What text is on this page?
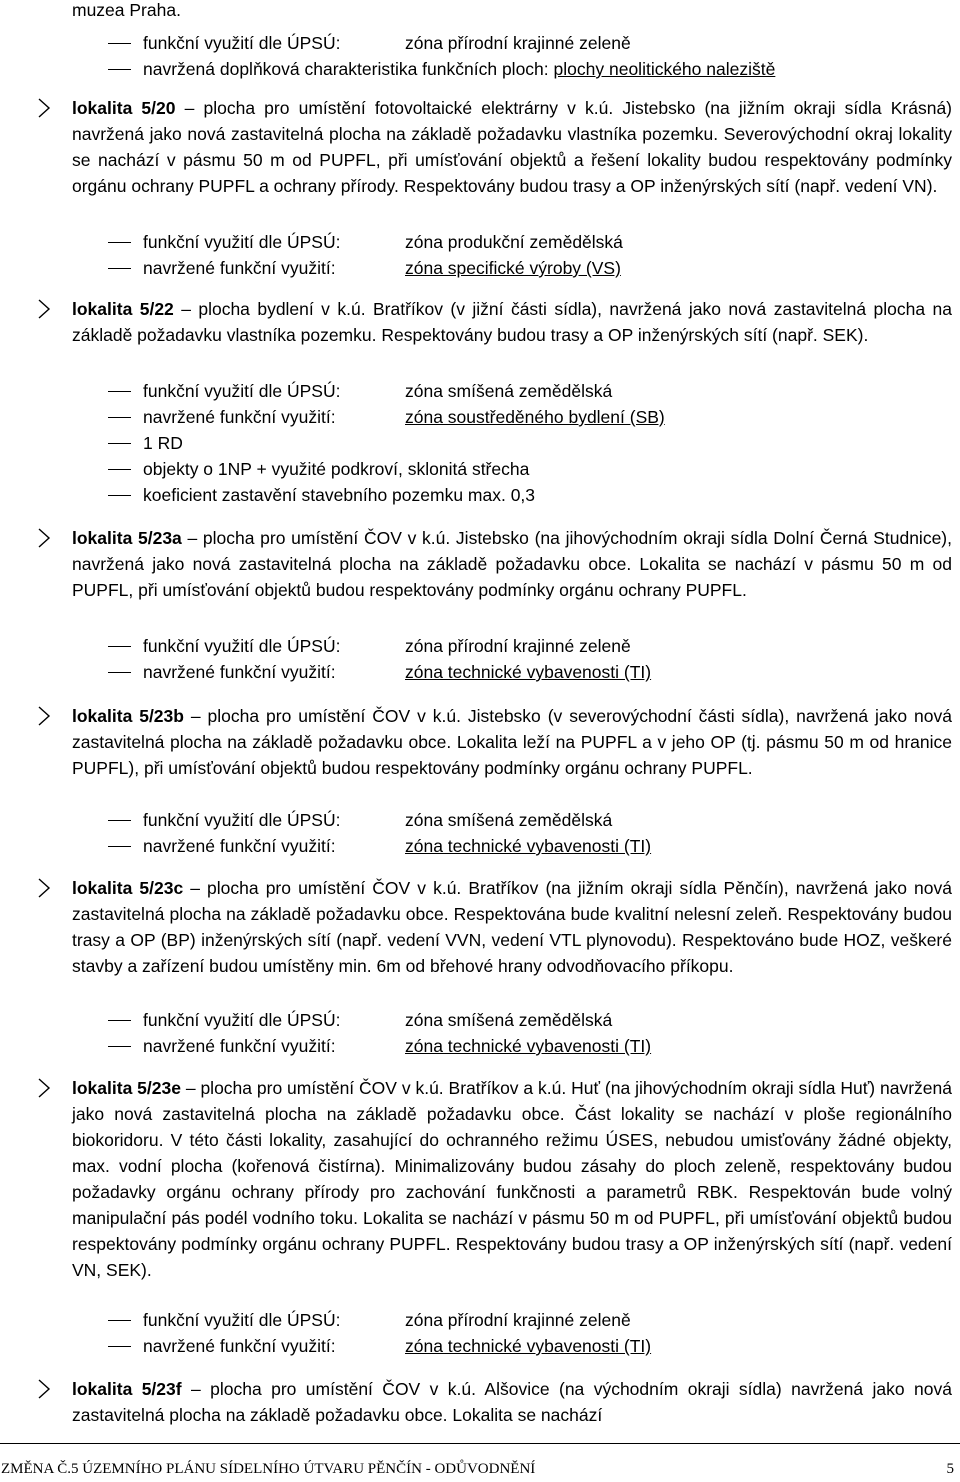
muzea Praha.

funkční využití dle ÚPSÚ:	zóna přírodní krajinné zeleně
navržená doplňková charakteristika funkčních ploch: plochy neolitického naleziště

lokalita 5/20 – plocha pro umístění fotovoltaické elektrárny v k.ú. Jistebsko (na jižním okraji sídla Krásná) navržená jako nová zastavitelná plocha na základě požadavku vlastníka pozemku. Severovýchodní okraj lokality se nachází v pásmu 50 m od PUPFL, při umísťování objektů a řešení lokality budou respektovány podmínky orgánu ochrany PUPFL a ochrany přírody. Respektovány budou trasy a OP inženýrských sítí (např. vedení VN).

funkční využití dle ÚPSÚ:	zóna produkční zemědělská
navržené funkční využití:	zóna specifické výroby (VS)

lokalita 5/22 – plocha bydlení v k.ú. Bratříkov (v jižní části sídla), navržená jako nová zastavitelná plocha na základě požadavku vlastníka pozemku. Respektovány budou trasy a OP inženýrských sítí (např. SEK).

funkční využití dle ÚPSÚ:	zóna smíšená zemědělská
navržené funkční využití:	zóna soustředěného bydlení (SB)
1 RD
objekty o 1NP + využité podkroví, sklonitá střecha
koeficient zastavění stavebního pozemku max. 0,3

lokalita 5/23a – plocha pro umístění ČOV v k.ú. Jistebsko (na jihovýchodním okraji sídla Dolní Černá Studnice), navržená jako nová zastavitelná plocha na základě požadavku obce. Lokalita se nachází v pásmu 50 m od PUPFL, při umísťování objektů budou respektovány podmínky orgánu ochrany PUPFL.

funkční využití dle ÚPSÚ:	zóna přírodní krajinné zeleně
navržené funkční využití:	zóna technické vybavenosti (TI)

lokalita 5/23b – plocha pro umístění ČOV v k.ú. Jistebsko (v severovýchodní části sídla), navržená jako nová zastavitelná plocha na základě požadavku obce. Lokalita leží na PUPFL a v jeho OP (tj. pásmu 50 m od hranice PUPFL), při umísťování objektů budou respektovány podmínky orgánu ochrany PUPFL.

funkční využití dle ÚPSÚ:	zóna smíšená zemědělská
navržené funkční využití:	zóna technické vybavenosti (TI)

lokalita 5/23c – plocha pro umístění ČOV v k.ú. Bratříkov (na jižním okraji sídla Pěnčín), navržená jako nová zastavitelná plocha na základě požadavku obce. Respektována bude kvalitní nelesní zeleň. Respektovány budou trasy a OP (BP) inženýrských sítí (např. vedení VVN, vedení VTL plynovodu). Respektováno bude HOZ, veškeré stavby a zařízení budou umístěny min. 6m od břehové hrany odvodňovacího příkopu.

funkční využití dle ÚPSÚ:	zóna smíšená zemědělská
navržené funkční využití:	zóna technické vybavenosti (TI)

lokalita 5/23e – plocha pro umístění ČOV v k.ú. Bratříkov a k.ú. Huť (na jihovýchodním okraji sídla Huť) navržená jako nová zastavitelná plocha na základě požadavku obce. Část lokality se nachází v ploše regionálního biokoridoru. V této části lokality, zasahující do ochranného režimu ÚSES, nebudou umisťovány žádné objekty, max. vodní plocha (kořenová čistírna). Minimalizovány budou zásahy do ploch zeleně, respektovány budou požadavky orgánu ochrany přírody pro zachování funkčnosti a parametrů RBK. Respektován bude volný manipulační pás podél vodního toku. Lokalita se nachází v pásmu 50 m od PUPFL, při umísťování objektů budou respektovány podmínky orgánu ochrany PUPFL. Respektovány budou trasy a OP inženýrských sítí (např. vedení VN, SEK).

funkční využití dle ÚPSÚ:	zóna přírodní krajinné zeleně
navržené funkční využití:	zóna technické vybavenosti (TI)

lokalita 5/23f – plocha pro umístění ČOV v k.ú. Alšovice (na východním okraji sídla) navržená jako nová zastavitelná plocha na základě požadavku obce. Lokalita se nachází

ZMĚNA Č.5 ÚZEMNÍHO PLÁNU SÍDELNÍHO ÚTVARU PĚNČÍN - ODŮVODNĚNÍ	5
